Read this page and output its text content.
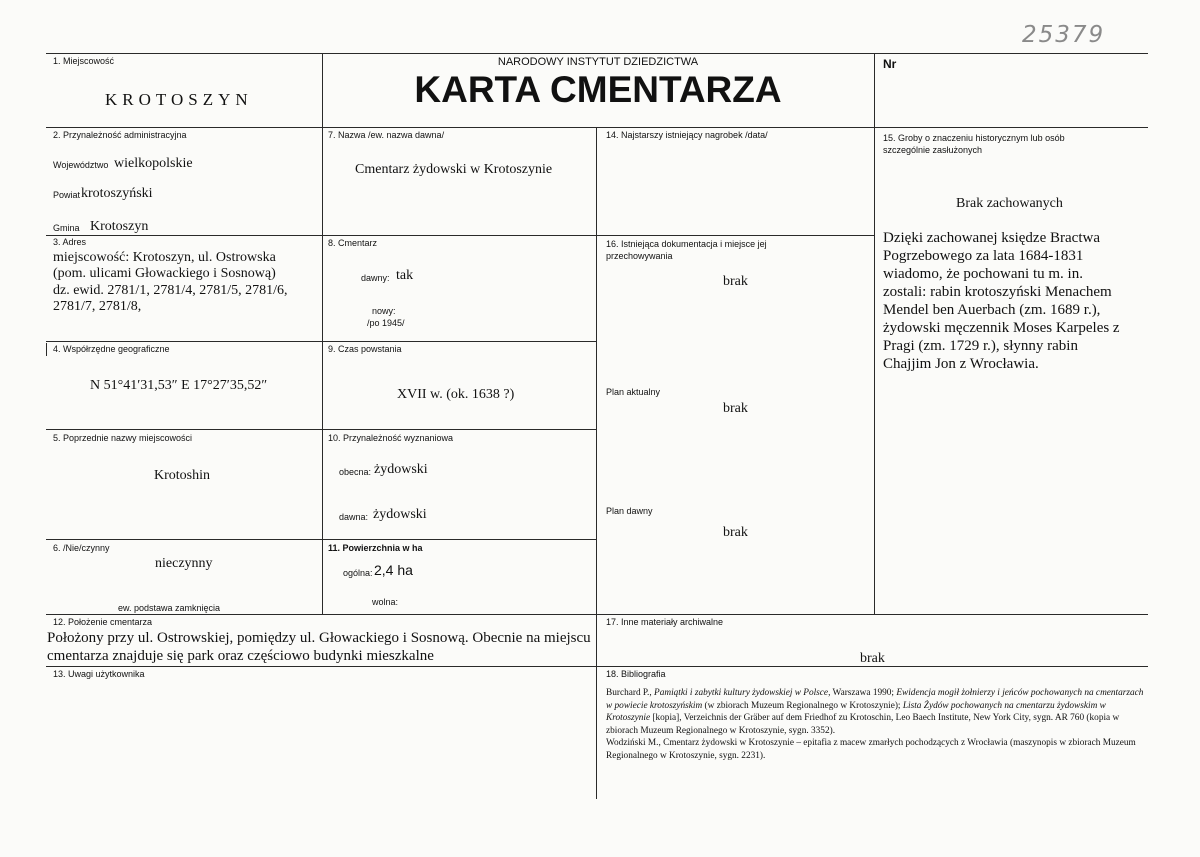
25379
1. Miejscowość
KROTOSZYN
NARODOWY INSTYTUT DZIEDZICTWA
KARTA CMENTARZA
Nr
2. Przynależność administracyjna
Województwo wielkopolskie
Powiat krotoszyński
Gmina Krotoszyn
3. Adres
miejscowość: Krotoszyn, ul. Ostrowska
(pom. ulicami Głowackiego i Sosnową)
dz. ewid. 2781/1, 2781/4, 2781/5, 2781/6,
2781/7, 2781/8,
4. Współrzędne geograficzne
N 51°41′31,53″ E 17°27′35,52″
5. Poprzednie nazwy miejscowości
Krotoshin
6. /Nie/czynny
nieczynny
ew. podstawa zamknięcia
7. Nazwa /ew. nazwa dawna/
Cmentarz żydowski w Krotoszynie
8. Cmentarz
dawny: tak
nowy:
/po 1945/
9. Czas powstania
XVII w. (ok. 1638 ?)
10. Przynależność wyznaniowa
obecna: żydowski
dawna: żydowski
11. Powierzchnia w ha
ogólna: 2,4 ha
wolna:
12. Położenie cmentarza
Położony przy ul. Ostrowskiej, pomiędzy ul. Głowackiego i Sosnową. Obecnie na miejscu
cmentarza znajduje się park oraz częściowo budynki mieszkalne
13. Uwagi użytkownika
14. Najstarszy istniejący nagrobek /data/	15. Groby o znaczeniu historycznym lub osób
szczególnie zasłużonych
Brak zachowanych
Dzięki zachowanej księdze Bractwa
Pogrzebowego za lata 1684-1831
wiadomo, że pochowani tu m. in.
zostali: rabin krotoszyński Menachem
Mendel ben Auerbach (zm. 1689 r.),
żydowski męczennik Moses Karpeles z
Pragi (zm. 1729 r.), słynny rabin
Chajjim Jon z Wrocławia.
16. Istniejąca dokumentacja i miejsce jej
przechowywania
brak
Plan aktualny
brak
Plan dawny
brak
17. Inne materiały archiwalne
brak
18. Bibliografia
Burchard P., Pamiątki i zabytki kultury żydowskiej w Polsce, Warszawa 1990; Ewidencja mogił żołnierzy i jeńców pochowanych na cmentarzach w powiecie krotoszyńskim (w zbiorach Muzeum Regionalnego w Krotoszynie); Lista Żydów pochowanych na cmentarzu żydowskim w Krotoszynie [kopia], Verzeichnis der Gräber auf dem Friedhof zu Krotoschin, Leo Baech Institute, New York City, sygn. AR 760 (kopia w zbiorach Muzeum Regionalnego w Krotoszynie, sygn. 3352).
Wodziński M., Cmentarz żydowski w Krotoszynie – epitafia z macew zmarłych pochodzących z Wrocławia (maszynopis w zbiorach Muzeum Regionalnego w Krotoszynie, sygn. 2231).
